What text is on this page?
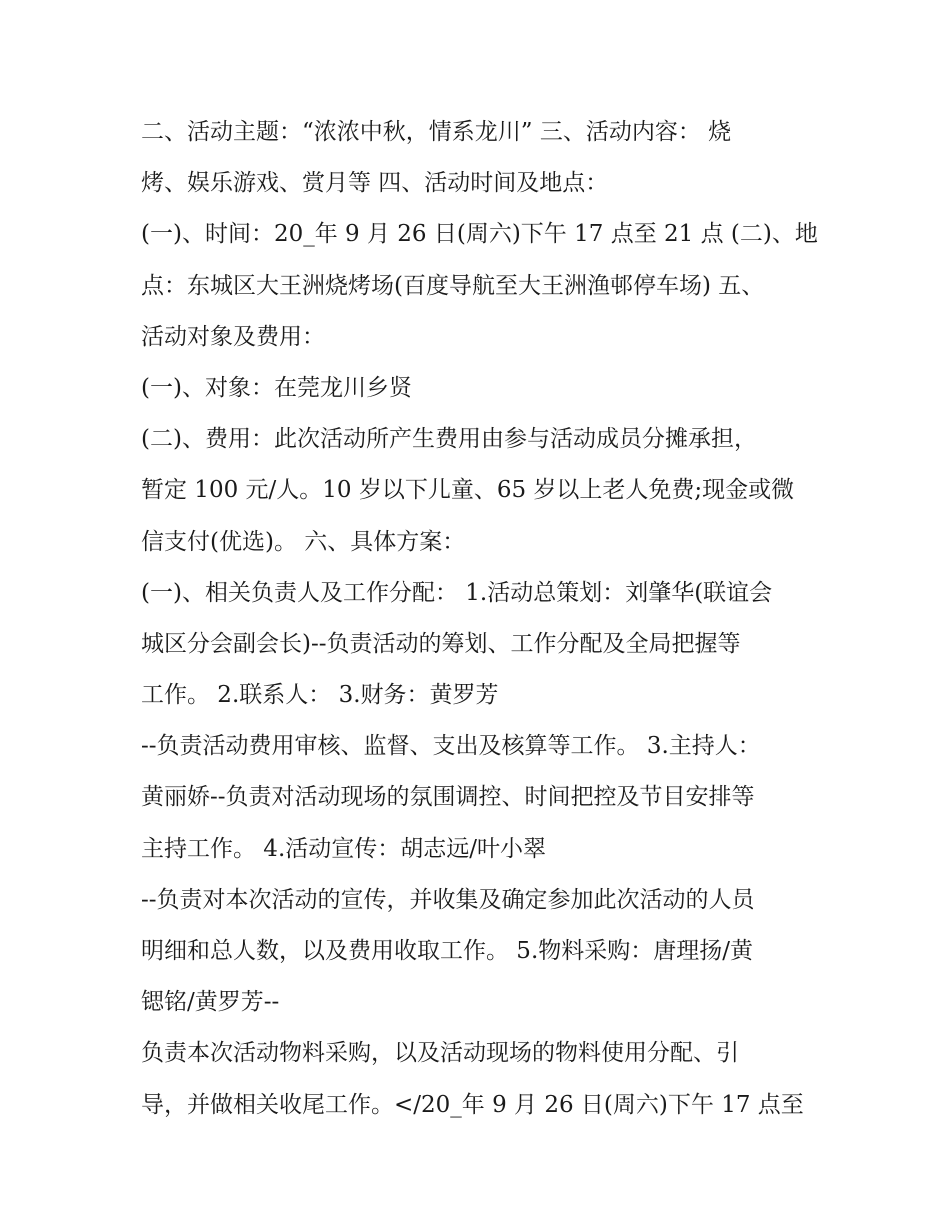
二、活动主题：“浓浓中秋，情系龙川” 三、活动内容： 烧
烤、娱乐游戏、赏月等 四、活动时间及地点：
(一)、时间：20_年 9 月 26 日(周六)下午 17 点至 21 点 (二)、地
点：东城区大王洲烧烤场(百度导航至大王洲渔邨停车场) 五、
活动对象及费用：
(一)、对象：在莞龙川乡贤
(二)、费用：此次活动所产生费用由参与活动成员分摊承担，
暂定 100 元/人。10 岁以下儿童、65 岁以上老人免费;现金或微
信支付(优选)。 六、具体方案：
(一)、相关负责人及工作分配： 1.活动总策划：刘肇华(联谊会
城区分会副会长)--负责活动的筹划、工作分配及全局把握等
工作。 2.联系人： 3.财务：黄罗芳
--负责活动费用审核、监督、支出及核算等工作。 3.主持人：
黄丽娇--负责对活动现场的氛围调控、时间把控及节目安排等
主持工作。 4.活动宣传：胡志远/叶小翠
--负责对本次活动的宣传，并收集及确定参加此次活动的人员
明细和总人数，以及费用收取工作。 5.物料采购：唐理扬/黄
锶铭/黄罗芳--
负责本次活动物料采购，以及活动现场的物料使用分配、引
导，并做相关收尾工作。</20_年 9 月 26 日(周六)下午 17 点至
